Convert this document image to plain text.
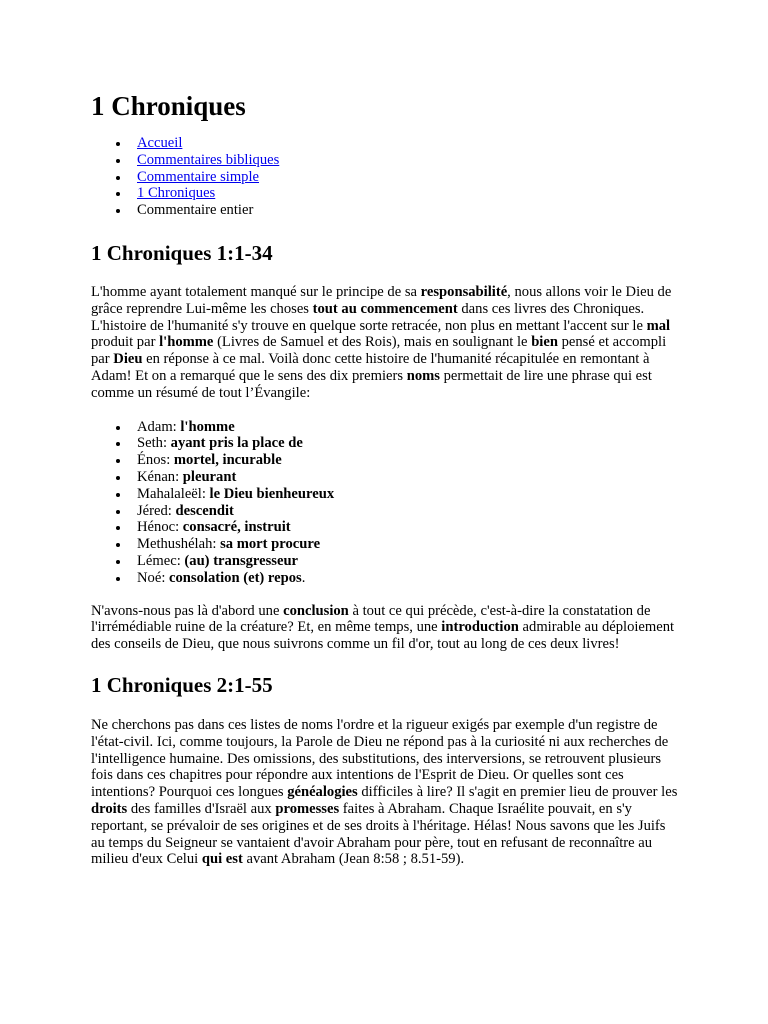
1 Chroniques
Accueil
Commentaires bibliques
Commentaire simple
1 Chroniques
Commentaire entier
1 Chroniques 1:1-34

L'homme ayant totalement manqué sur le principe de sa responsabilité, nous allons voir le Dieu de grâce reprendre Lui-même les choses tout au commencement dans ces livres des Chroniques. L'histoire de l'humanité s'y trouve en quelque sorte retracée, non plus en mettant l'accent sur le mal produit par l'homme (Livres de Samuel et des Rois), mais en soulignant le bien pensé et accompli par Dieu en réponse à ce mal. Voilà donc cette histoire de l'humanité récapitulée en remontant à Adam! Et on a remarqué que le sens des dix premiers noms permettait de lire une phrase qui est comme un résumé de tout l’Évangile:

Adam: l'homme
Seth: ayant pris la place de
Énos: mortel, incurable
Kénan: pleurant
Mahalaleël: le Dieu bienheureux
Jéred: descendit
Hénoc: consacré, instruit
Methushélah: sa mort procure
Lémec: (au) transgresseur
Noé: consolation (et) repos.

N'avons-nous pas là d'abord une conclusion à tout ce qui précède, c'est-à-dire la constatation de l'irrémédiable ruine de la créature? Et, en même temps, une introduction admirable au déploiement des conseils de Dieu, que nous suivrons comme un fil d'or, tout au long de ces deux livres!

1 Chroniques 2:1-55

Ne cherchons pas dans ces listes de noms l'ordre et la rigueur exigés par exemple d'un registre de l'état-civil. Ici, comme toujours, la Parole de Dieu ne répond pas à la curiosité ni aux recherches de l'intelligence humaine. Des omissions, des substitutions, des interversions, se retrouvent plusieurs fois dans ces chapitres pour répondre aux intentions de l'Esprit de Dieu. Or quelles sont ces intentions? Pourquoi ces longues généalogies difficiles à lire? Il s'agit en premier lieu de prouver les droits des familles d'Israël aux promesses faites à Abraham. Chaque Israélite pouvait, en s'y reportant, se prévaloir de ses origines et de ses droits à l'héritage. Hélas! Nous savons que les Juifs au temps du Seigneur se vantaient d'avoir Abraham pour père, tout en refusant de reconnaître au milieu d'eux Celui qui est avant Abraham (Jean 8:58 ; 8.51-59).
